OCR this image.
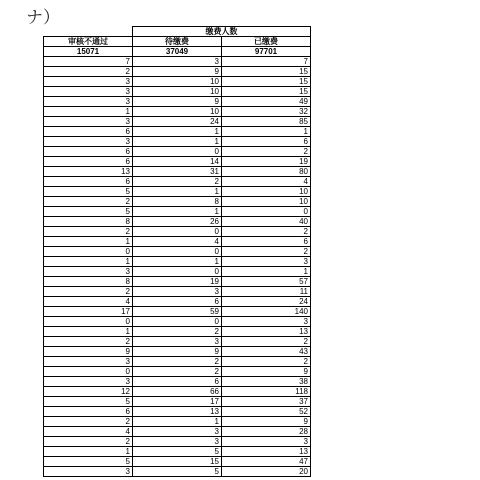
ナ）
	缴费人数	
审核不通过	待缴费	已缴费
15071	37049	97701
7	3	7
2	9	15
3	10	15
3	10	15
3	9	49
1	10	32
3	24	85
6	1	1
3	1	6
6	0	2
6	14	19
13	31	80
6	2	4
5	1	10
2	8	10
5	1	0
8	26	40
2	0	2
1	4	6
0	0	2
1	1	3
3	0	1
8	19	57
2	3	11
4	6	24
17	59	140
0	0	3
1	2	13
2	3	2
9	9	43
3	2	2
0	2	9
3	6	38
12	66	118
5	17	37
6	13	52
2	1	9
4	3	28
2	3	3
1	5	13
5	15	47
3	5	20
